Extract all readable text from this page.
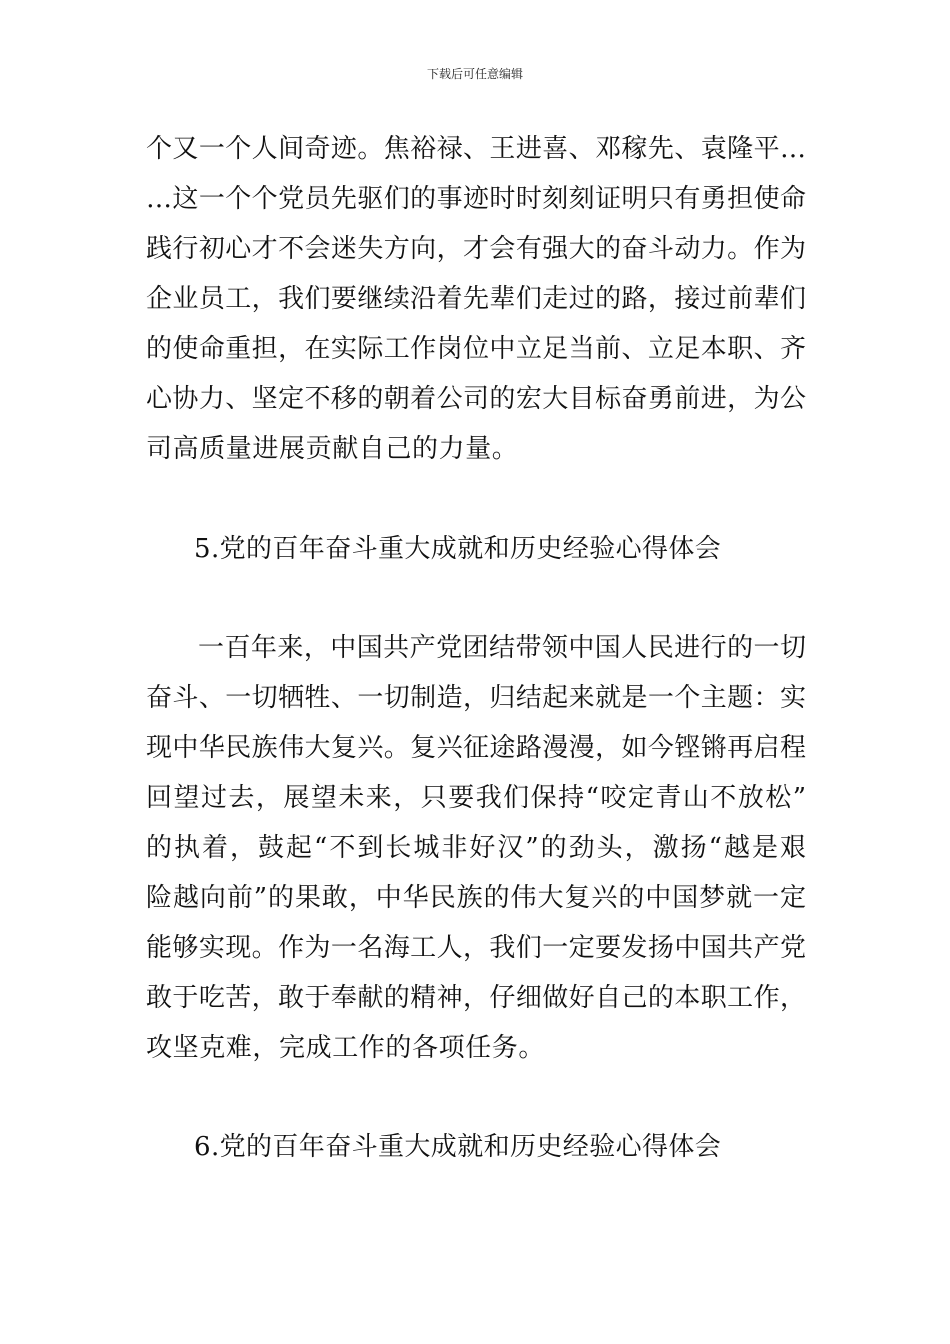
下载后可任意编辑
个又一个人间奇迹。焦裕禄、王进喜、邓稼先、袁隆平…
…这一个个党员先驱们的事迹时时刻刻证明只有勇担使命
践行初心才不会迷失方向，才会有强大的奋斗动力。作为
企业员工，我们要继续沿着先辈们走过的路，接过前辈们
的使命重担，在实际工作岗位中立足当前、立足本职、齐
心协力、坚定不移的朝着公司的宏大目标奋勇前进，为公
司高质量进展贡献自己的力量。
5.党的百年奋斗重大成就和历史经验心得体会
一百年来，中国共产党团结带领中国人民进行的一切
奋斗、一切牺牲、一切制造，归结起来就是一个主题：实
现中华民族伟大复兴。复兴征途路漫漫，如今铿锵再启程
回望过去，展望未来，只要我们保持“咬定青山不放松”
的执着，鼓起“不到长城非好汉”的劲头，激扬“越是艰
险越向前”的果敢，中华民族的伟大复兴的中国梦就一定
能够实现。作为一名海工人，我们一定要发扬中国共产党
敢于吃苦，敢于奉献的精神，仔细做好自己的本职工作，
攻坚克难，完成工作的各项任务。
6.党的百年奋斗重大成就和历史经验心得体会
